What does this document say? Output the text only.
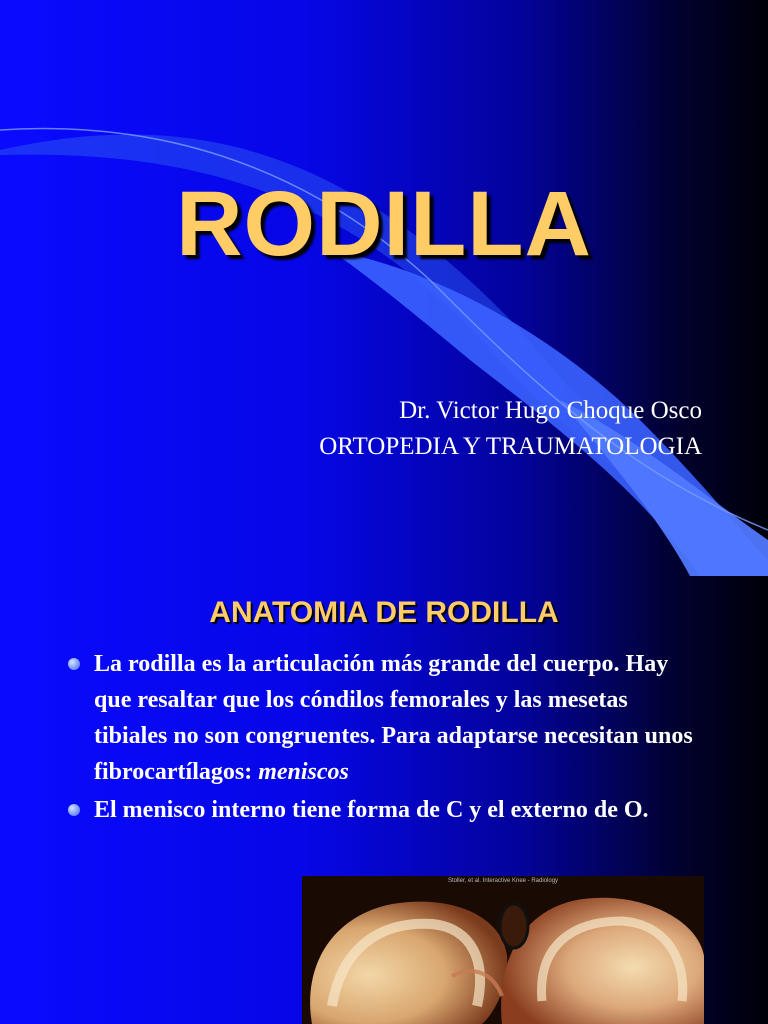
RODILLA
Dr. Victor Hugo Choque Osco
ORTOPEDIA Y TRAUMATOLOGIA
ANATOMIA DE RODILLA
La rodilla es la articulación más grande del cuerpo. Hay que resaltar que los cóndilos femorales y las mesetas tibiales no son congruentes. Para adaptarse necesitan unos fibrocartílagos: meniscos
El menisco interno tiene forma de C y el externo de O.
Stoller, et al. Interactive Knee - Radiology
